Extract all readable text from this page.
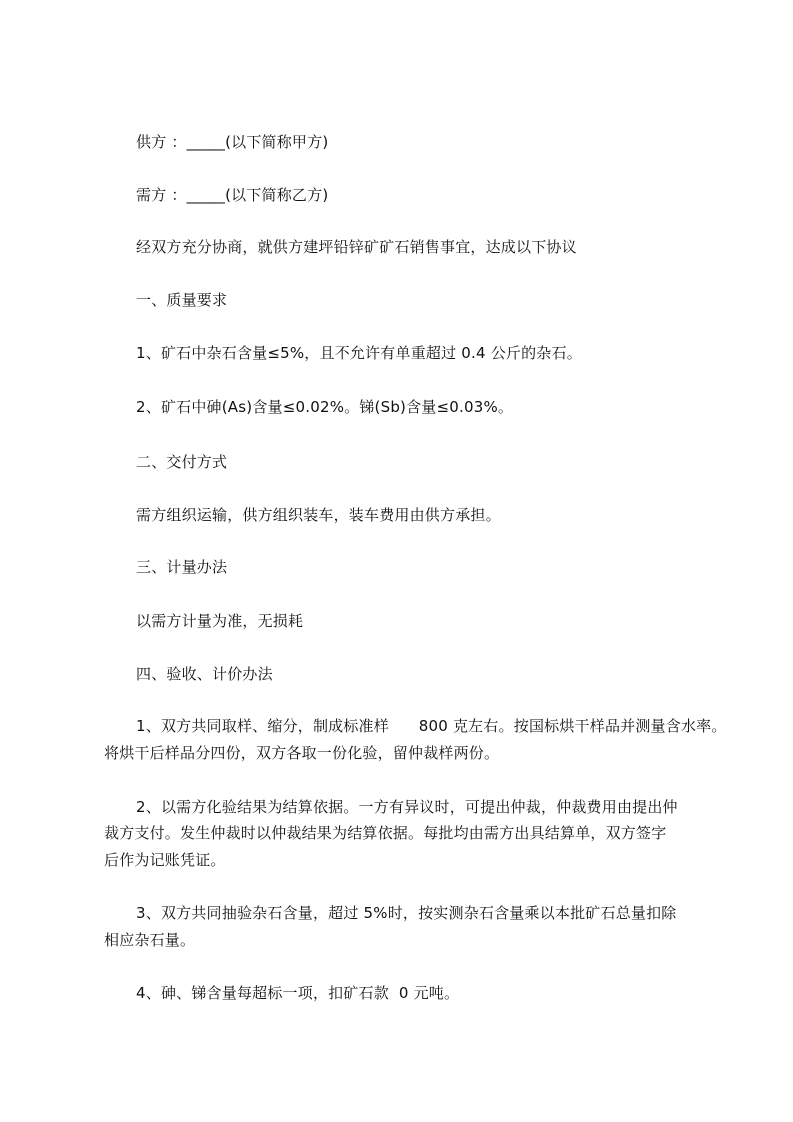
供方 ：_____(以下简称甲方)
需方 ：_____(以下简称乙方)
经双方充分协商，就供方建坪铅锌矿矿石销售事宜，达成以下协议
一、质量要求
1、矿石中杂石含量≤5%，且不允许有单重超过 0.4 公斤的杂石。
2、矿石中砷(As)含量≤0.02%。锑(Sb)含量≤0.03%。
二、交付方式
需方组织运输，供方组织装车，装车费用由供方承担。
三、计量办法
以需方计量为准，无损耗
四、验收、计价办法
1、双方共同取样、缩分，制成标准样      800 克左右。按国标烘干样品并测量含水率。
将烘干后样品分四份，双方各取一份化验，留仲裁样两份。
2、以需方化验结果为结算依据。一方有异议时，可提出仲裁，仲裁费用由提出仲
裁方支付。发生仲裁时以仲裁结果为结算依据。每批均由需方出具结算单，双方签字
后作为记账凭证。
3、双方共同抽验杂石含量，超过 5%时，按实测杂石含量乘以本批矿石总量扣除
相应杂石量。
4、砷、锑含量每超标一项，扣矿石款  0 元吨。
